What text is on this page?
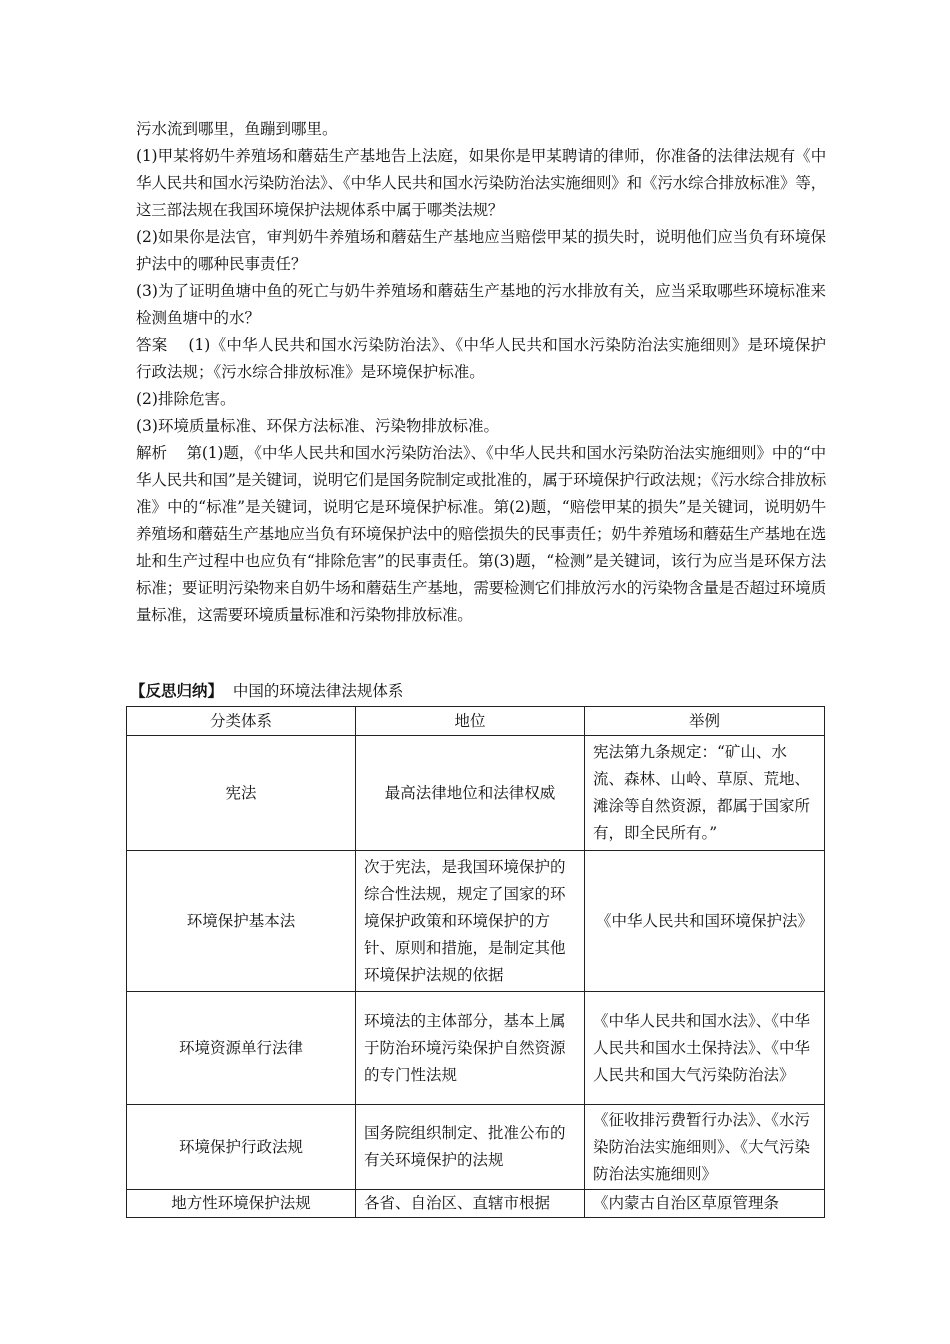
污水流到哪里，鱼蹦到哪里。

(1)甲某将奶牛养殖场和蘑菇生产基地告上法庭，如果你是甲某聘请的律师，你准备的法律法规有《中华人民共和国水污染防治法》、《中华人民共和国水污染防治法实施细则》和《污水综合排放标准》等，这三部法规在我国环境保护法规体系中属于哪类法规？

(2)如果你是法官，审判奶牛养殖场和蘑菇生产基地应当赔偿甲某的损失时，说明他们应当负有环境保护法中的哪种民事责任？

(3)为了证明鱼塘中鱼的死亡与奶牛养殖场和蘑菇生产基地的污水排放有关，应当采取哪些环境标准来检测鱼塘中的水？

答案 (1)《中华人民共和国水污染防治法》、《中华人民共和国水污染防治法实施细则》是环境保护行政法规；《污水综合排放标准》是环境保护标准。

(2)排除危害。

(3)环境质量标准、环保方法标准、污染物排放标准。

解析 第(1)题，《中华人民共和国水污染防治法》、《中华人民共和国水污染防治法实施细则》中的“中华人民共和国”是关键词，说明它们是国务院制定或批准的，属于环境保护行政法规；《污水综合排放标准》中的“标准”是关键词，说明它是环境保护标准。第(2)题，“赔偿甲某的损失”是关键词，说明奶牛养殖场和蘑菇生产基地应当负有环境保护法中的赔偿损失的民事责任；奶牛养殖场和蘑菇生产基地在选址和生产过程中也应负有“排除危害”的民事责任。第(3)题，“检测”是关键词，该行为应当是环保方法标准；要证明污染物来自奶牛场和蘑菇生产基地，需要检测它们排放污水的污染物含量是否超过环境质量标准，这需要环境质量标准和污染物排放标准。

【反思归纳】 中国的环境法律法规体系
分类体系	地位	举例
宪法	最高法律地位和法律权威	宪法第九条规定：“矿山、水流、森林、山岭、草原、荒地、滩涂等自然资源，都属于国家所有，即全民所有。”
环境保护基本法	次于宪法，是我国环境保护的综合性法规，规定了国家的环境保护政策和环境保护的方针、原则和措施，是制定其他环境保护法规的依据	《中华人民共和国环境保护法》
环境资源单行法律	环境法的主体部分，基本上属于防治环境污染保护自然资源的专门性法规	《中华人民共和国水法》、《中华人民共和国水土保持法》、《中华人民共和国大气污染防治法》
环境保护行政法规	国务院组织制定、批准公布的有关环境保护的法规	《征收排污费暂行办法》、《水污染防治法实施细则》、《大气污染防治法实施细则》
地方性环境保护法规	各省、自治区、直辖市根据	《内蒙古自治区草原管理条
